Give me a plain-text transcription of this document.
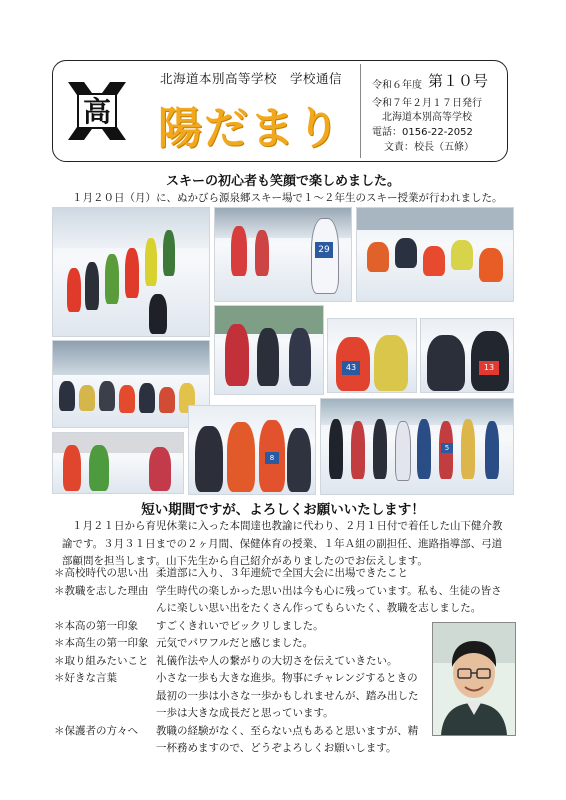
高
北海道本別高等学校　学校通信
陽だまり
令和６年度 第１０号
令和７年２月１７日発行
北海道本別高等学校
電話：0156-22-2052
文責：校長（五條）
スキーの初心者も笑顔で楽しめました。
１月２０日（月）に、ぬかびら源泉郷スキー場で１～２年生のスキー授業が行われました。
29
43	13
8
5
短い期間ですが、よろしくお願いいたします！

１月２１日から育児休業に入った本間達也教諭に代わり、２月１日付で着任した山下健介教諭です。３月３１日までの２ヶ月間、保健体育の授業、１年Ａ組の副担任、進路指導部、弓道部顧問を担当します。山下先生から自己紹介がありましたのでお伝えします。

＊高校時代の思い出 柔道部に入り、３年連続で全国大会に出場できたこと
＊教職を志した理由 学生時代の楽しかった思い出は今も心に残っています。私も、生徒の皆さんに楽しい思い出をたくさん作ってもらいたく、教職を志しました。
＊本高の第一印象 すごくきれいでビックリしました。
＊本高生の第一印象 元気でパワフルだと感じました。
＊取り組みたいこと 礼儀作法や人の繋がりの大切さを伝えていきたい。
＊好きな言葉	小さな一歩も大きな進歩。物事にチャレンジするときの最初の一歩は小さな一歩かもしれませんが、踏み出した一歩は大きな成長だと思っています。
＊保護者の方々へ 教職の経験がなく、至らない点もあると思いますが、精一杯務めますので、どうぞよろしくお願いします。
